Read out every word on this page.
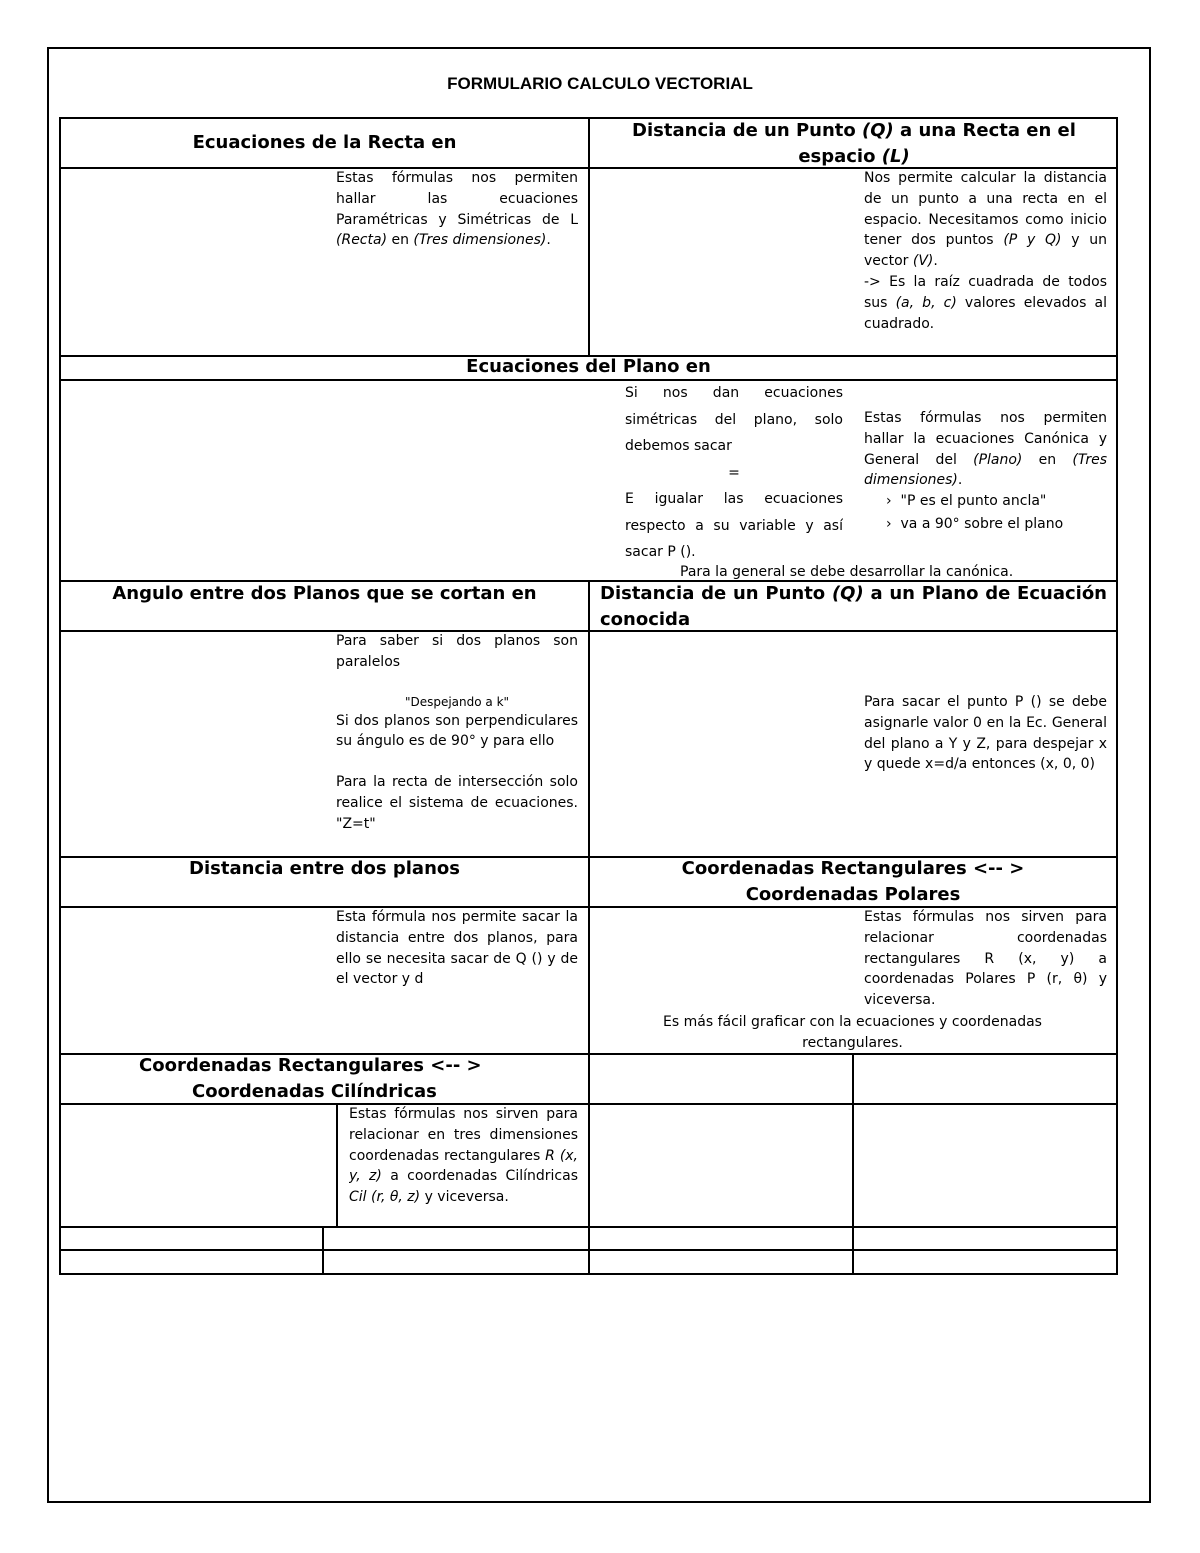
FORMULARIO CALCULO VECTORIAL
Ecuaciones de la Recta en
Distancia de un Punto (Q) a una Recta en el espacio (L)
Estas fórmulas nos permiten hallar las ecuaciones Paramétricas y Simétricas de L (Recta) en (Tres dimensiones).
Nos permite calcular la distancia de un punto a una recta en el espacio. Necesitamos como inicio tener dos puntos (P y Q) y un vector (V).
-> Es la raíz cuadrada de todos sus (a, b, c) valores elevados al cuadrado.
Ecuaciones del Plano en
Si nos dan ecuaciones simétricas del plano, solo debemos sacar

=
E igualar las ecuaciones respecto a su variable y así sacar P ().
Estas fórmulas nos permiten hallar la ecuaciones Canónica y General del (Plano) en (Tres dimensiones).
› "P es el punto ancla"
› va a 90° sobre el plano
Para la general se debe desarrollar la canónica.
Angulo entre dos Planos que se cortan en	Distancia de un Punto (Q) a un Plano de Ecuación conocida
Para saber si dos planos son paralelos
"Despejando a k"
Si dos planos son perpendiculares su ángulo es de 90° y para ello
Para la recta de intersección solo realice el sistema de ecuaciones. "Z=t"
Para sacar el punto P () se debe asignarle valor 0 en la Ec. General del plano a Y y Z, para despejar x y quede x=d/a entonces (x, 0, 0)
Distancia entre dos planos	Coordenadas Rectangulares <-- >
Coordenadas Polares
Esta fórmula nos permite sacar la distancia entre dos planos, para ello se necesita sacar de Q () y de el vector y d
Estas fórmulas nos sirven para relacionar coordenadas rectangulares R (x, y) a coordenadas Polares P (r, θ) y viceversa.
Es más fácil graficar con la ecuaciones y coordenadas rectangulares.
Coordenadas Rectangulares <-- >
Coordenadas Cilíndricas
Estas fórmulas nos sirven para relacionar en tres dimensiones coordenadas rectangulares R (x, y, z) a coordenadas Cilíndricas Cil (r, θ, z) y viceversa.
